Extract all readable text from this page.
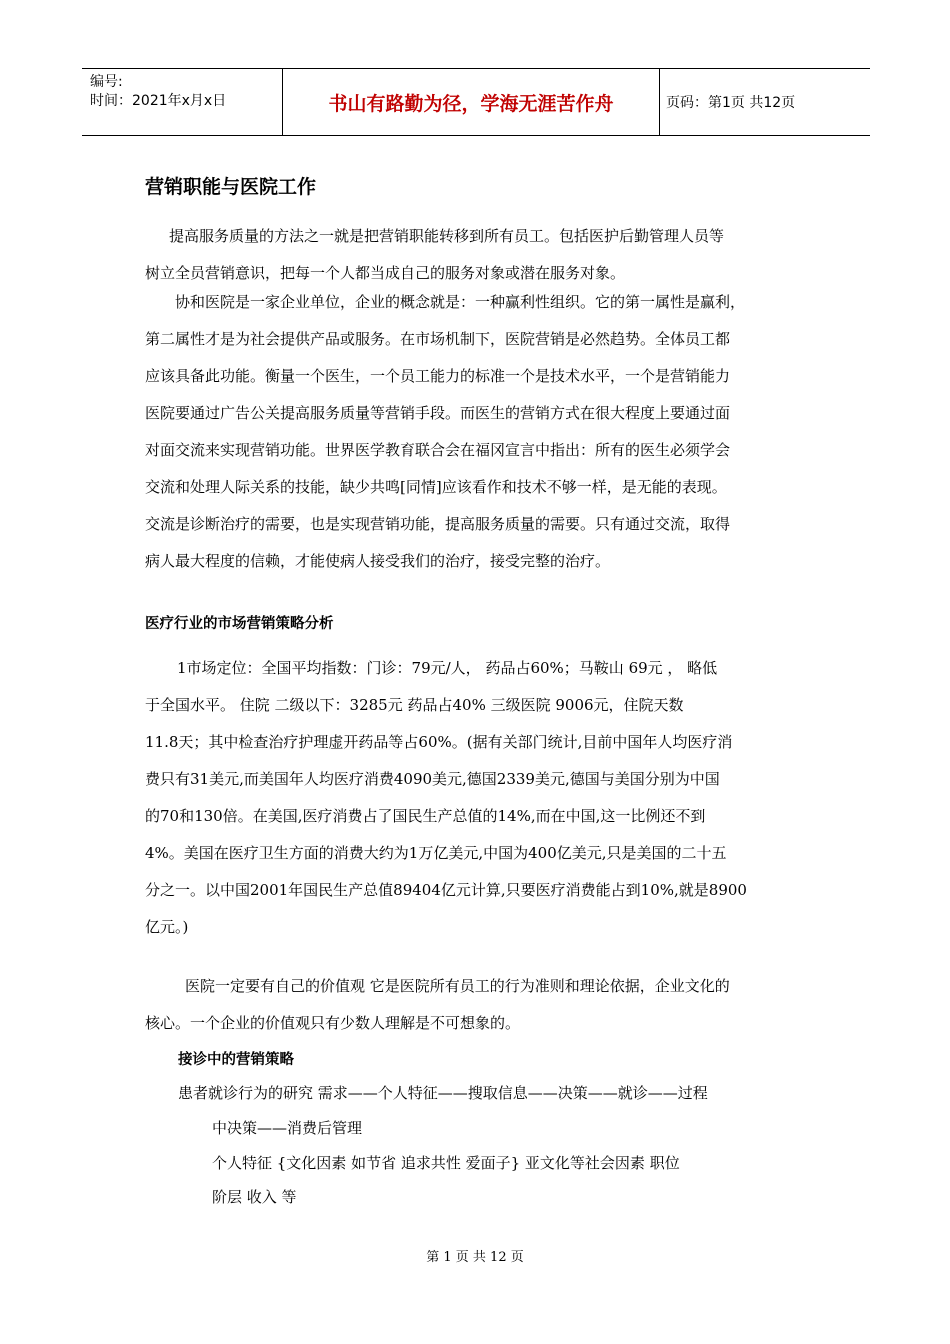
编号:
时间：2021年x月x日	书山有路勤为径，学海无涯苦作舟	页码：第1页 共12页
营销职能与医院工作
提高服务质量的方法之一就是把营销职能转移到所有员工。包括医护后勤管理人员等
树立全员营销意识，把每一个人都当成自己的服务对象或潜在服务对象。
协和医院是一家企业单位，企业的概念就是：一种赢利性组织。它的第一属性是赢利，
第二属性才是为社会提供产品或服务。在市场机制下，医院营销是必然趋势。全体员工都
应该具备此功能。衡量一个医生，一个员工能力的标准一个是技术水平，一个是营销能力
医院要通过广告公关提高服务质量等营销手段。而医生的营销方式在很大程度上要通过面
对面交流来实现营销功能。世界医学教育联合会在福冈宣言中指出：所有的医生必须学会
交流和处理人际关系的技能，缺少共鸣[同情]应该看作和技术不够一样，是无能的表现。
交流是诊断治疗的需要，也是实现营销功能，提高服务质量的需要。只有通过交流，取得
病人最大程度的信赖，才能使病人接受我们的治疗，接受完整的治疗。
医疗行业的市场营销策略分析
1市场定位：全国平均指数：门诊：79元/人， 药品占60%；马鞍山 69元 ， 略低
于全国水平。 住院 二级以下：3285元 药品占40% 三级医院 9006元，住院天数
11.8天；其中检查治疗护理虚开药品等占60%。(据有关部门统计,目前中国年人均医疗消
费只有31美元,而美国年人均医疗消费4090美元,德国2339美元,德国与美国分别为中国
的70和130倍。在美国,医疗消费占了国民生产总值的14%,而在中国,这一比例还不到
4%。美国在医疗卫生方面的消费大约为1万亿美元,中国为400亿美元,只是美国的二十五
分之一。以中国2001年国民生产总值89404亿元计算,只要医疗消费能占到10%,就是8900
亿元。)
医院一定要有自己的价值观 它是医院所有员工的行为准则和理论依据，企业文化的
核心。一个企业的价值观只有少数人理解是不可想象的。
接诊中的营销策略
患者就诊行为的研究 需求——个人特征——搜取信息——决策——就诊——过程
中决策——消费后管理
个人特征 {文化因素 如节省 追求共性 爱面子} 亚文化等社会因素 职位
阶层 收入 等
第 1 页 共 12 页
